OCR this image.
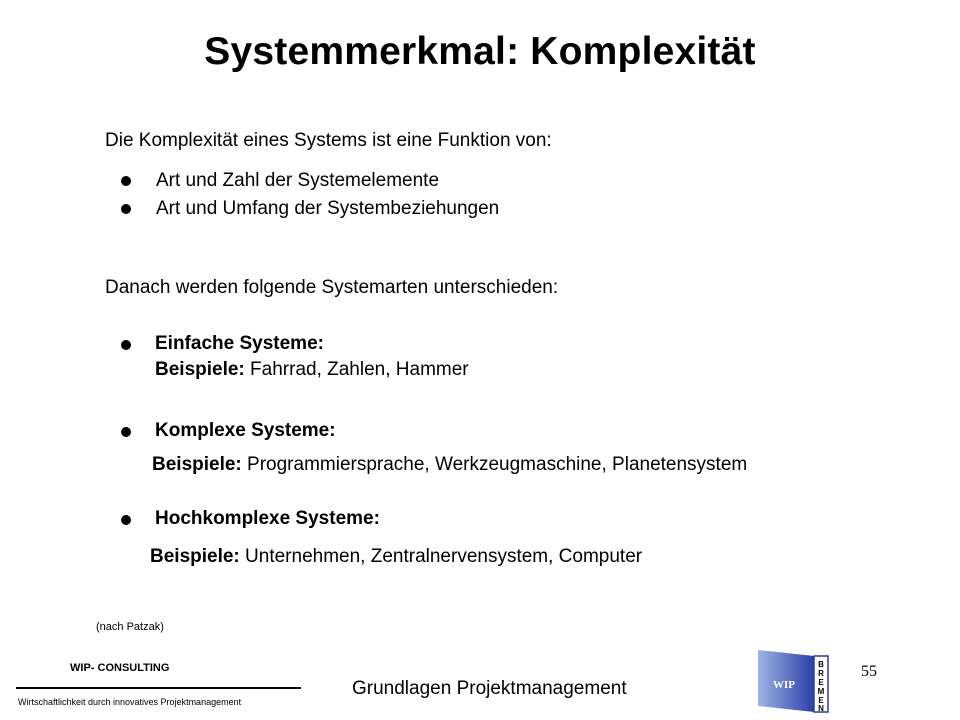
Systemmerkmal: Komplexität
Die Komplexität eines Systems ist eine Funktion von:
Art und Zahl der Systemelemente
Art und Umfang der Systembeziehungen
Danach werden folgende Systemarten unterschieden:
Einfache Systeme:
Beispiele: Fahrrad, Zahlen, Hammer
Komplexe Systeme:
Beispiele: Programmiersprache, Werkzeugmaschine, Planetensystem
Hochkomplexe Systeme:
Beispiele: Unternehmen, Zentralnervensystem, Computer
(nach Patzak)
WIP- CONSULTING
Wirtschaftlichkeit durch innovatives Projektmanagement
Grundlagen Projektmanagement
55
WIP
B
R
E
M
E
N
